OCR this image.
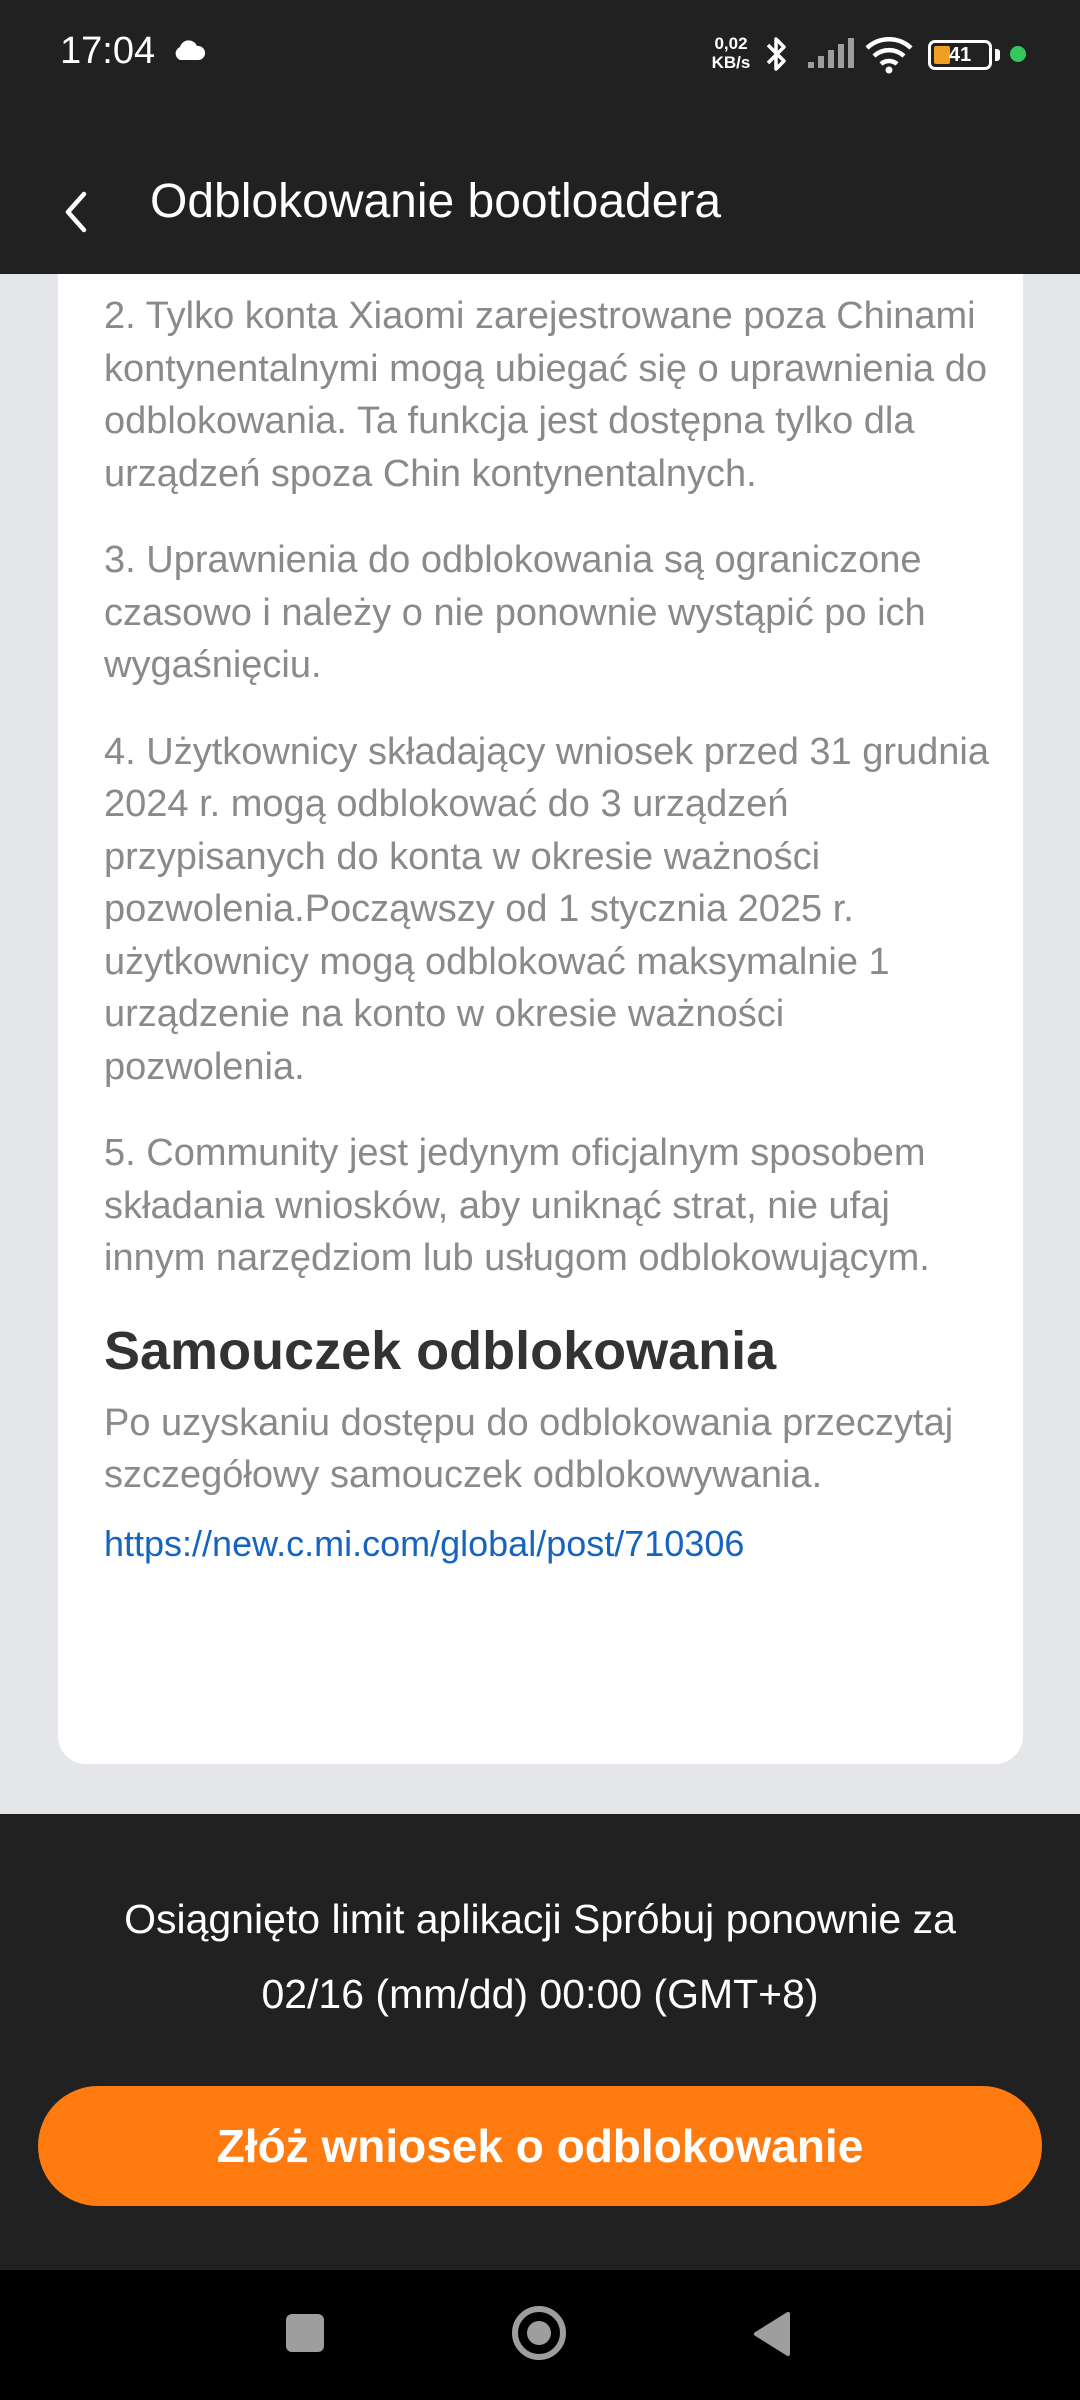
17:04	0,02
KB/s	41
Odblokowanie bootloadera

2. Tylko konta Xiaomi zarejestrowane poza Chinami kontynentalnymi mogą ubiegać się o uprawnienia do odblokowania. Ta funkcja jest dostępna tylko dla urządzeń spoza Chin kontynentalnych.

3. Uprawnienia do odblokowania są ograniczone czasowo i należy o nie ponownie wystąpić po ich wygaśnięciu.

4. Użytkownicy składający wniosek przed 31 grudnia 2024 r. mogą odblokować do 3 urządzeń przypisanych do konta w okresie ważności pozwolenia.Począwszy od 1 stycznia 2025 r. użytkownicy mogą odblokować maksymalnie 1 urządzenie na konto w okresie ważności pozwolenia.

5. Community jest jedynym oficjalnym sposobem składania wniosków, aby uniknąć strat, nie ufaj innym narzędziom lub usługom odblokowującym.

Samouczek odblokowania

Po uzyskaniu dostępu do odblokowania przeczytaj szczegółowy samouczek odblokowywania.

https://new.c.mi.com/global/post/710306
Osiągnięto limit aplikacji Spróbuj ponownie za
02/16 (mm/dd) 00:00 (GMT+8)
Złóż wniosek o odblokowanie
